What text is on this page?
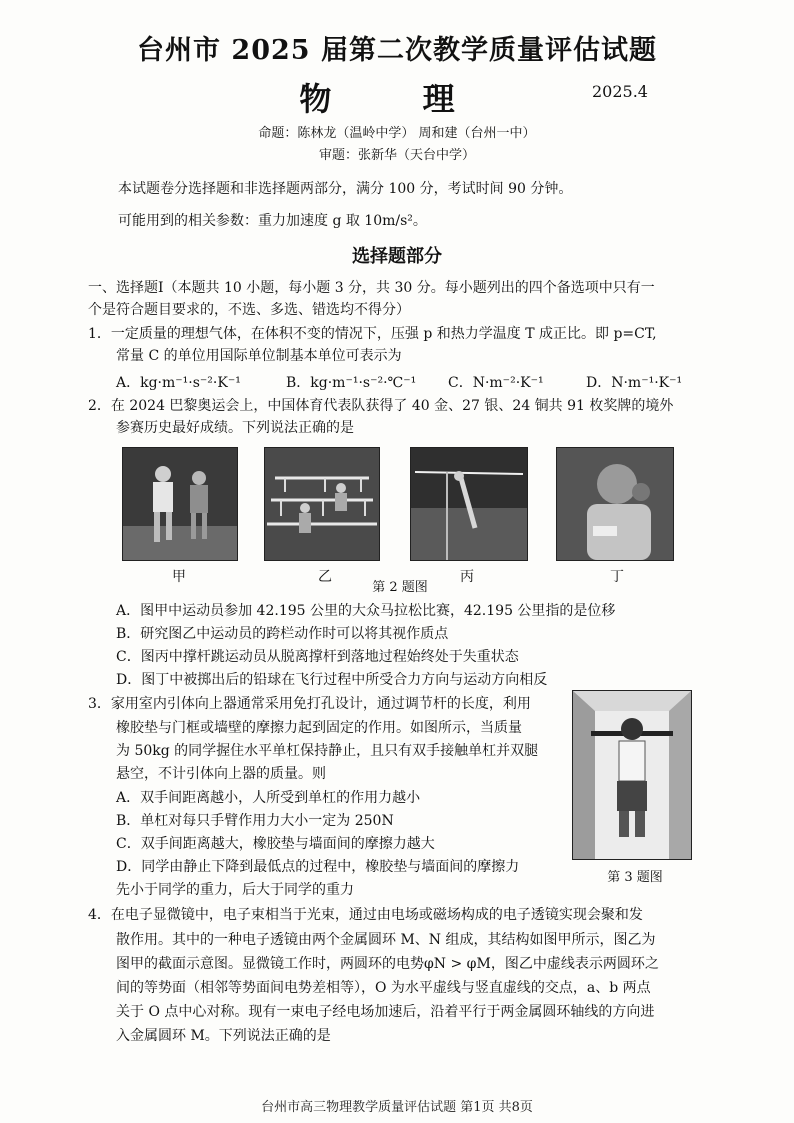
台州市 2025 届第二次教学质量评估试题
物 理	2025.4
命题：陈林龙（温岭中学） 周和建（台州一中）
审题：张新华（天台中学）
本试题卷分选择题和非选择题两部分，满分 100 分，考试时间 90 分钟。
可能用到的相关参数：重力加速度 g 取 10m/s²。
选择题部分
一、选择题Ⅰ（本题共 10 小题，每小题 3 分，共 30 分。每小题列出的四个备选项中只有一
个是符合题目要求的，不选、多选、错选均不得分）
1．一定质量的理想气体，在体积不变的情况下，压强 p 和热力学温度 T 成正比。即 p=CT,
常量 C 的单位用国际单位制基本单位可表示为
A．kg·m⁻¹·s⁻²·K⁻¹	B．kg·m⁻¹·s⁻²·℃⁻¹	C．N·m⁻²·K⁻¹	D．N·m⁻¹·K⁻¹
2．在 2024 巴黎奥运会上，中国体育代表队获得了 40 金、27 银、24 铜共 91 枚奖牌的境外
参赛历史最好成绩。下列说法正确的是
甲	乙	丙	丁
第 2 题图
A．图甲中运动员参加 42.195 公里的大众马拉松比赛，42.195 公里指的是位移
B．研究图乙中运动员的跨栏动作时可以将其视作质点
C．图丙中撑杆跳运动员从脱离撑杆到落地过程始终处于失重状态
D．图丁中被掷出后的铅球在飞行过程中所受合力方向与运动方向相反
3．家用室内引体向上器通常采用免打孔设计，通过调节杆的长度，利用
橡胶垫与门框或墙壁的摩擦力起到固定的作用。如图所示，当质量
为 50kg 的同学握住水平单杠保持静止，且只有双手接触单杠并双腿
悬空，不计引体向上器的质量。则
A．双手间距离越小，人所受到单杠的作用力越小
B．单杠对每只手臂作用力大小一定为 250N
C．双手间距离越大，橡胶垫与墙面间的摩擦力越大
D．同学由静止下降到最低点的过程中，橡胶垫与墙面间的摩擦力
先小于同学的重力，后大于同学的重力
第 3 题图
4．在电子显微镜中，电子束相当于光束，通过由电场或磁场构成的电子透镜实现会聚和发
散作用。其中的一种电子透镜由两个金属圆环 M、N 组成，其结构如图甲所示，图乙为
图甲的截面示意图。显微镜工作时，两圆环的电势φN > φM，图乙中虚线表示两圆环之
间的等势面（相邻等势面间电势差相等），O 为水平虚线与竖直虚线的交点，a、b 两点
关于 O 点中心对称。现有一束电子经电场加速后，沿着平行于两金属圆环轴线的方向进
入金属圆环 M。下列说法正确的是
台州市高三物理教学质量评估试题 第1页 共8页
